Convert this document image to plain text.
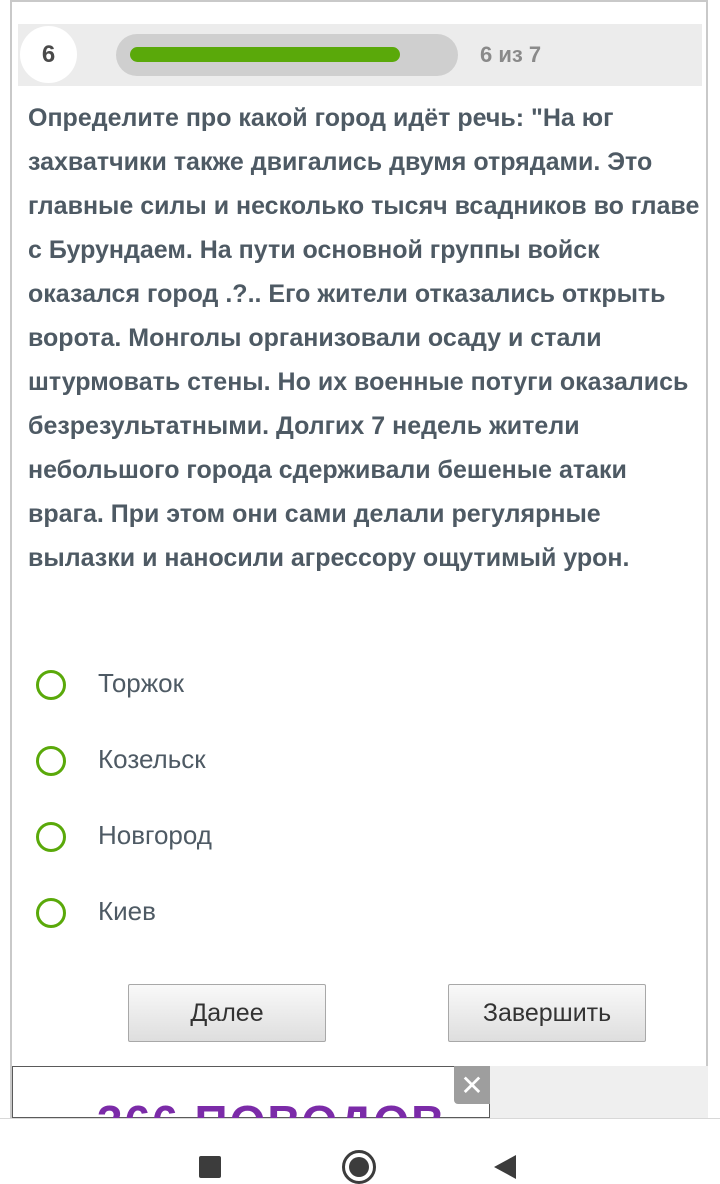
6	6 из 7

Определите про какой город идёт речь: "На юг захватчики также двигались двумя отрядами. Это главные силы и несколько тысяч всадников во главе с Бурундаем. На пути основной группы войск оказался город .?.. Его жители отказались открыть ворота. Монголы организовали осаду и стали штурмовать стены. Но их военные потуги оказались безрезультатными. Долгих 7 недель жители небольшого города сдерживали бешеные атаки врага. При этом они сами делали регулярные вылазки и наносили агрессору ощутимый урон.

Торжок
Козельск
Новгород
Киев
Далее	Завершить
✕
